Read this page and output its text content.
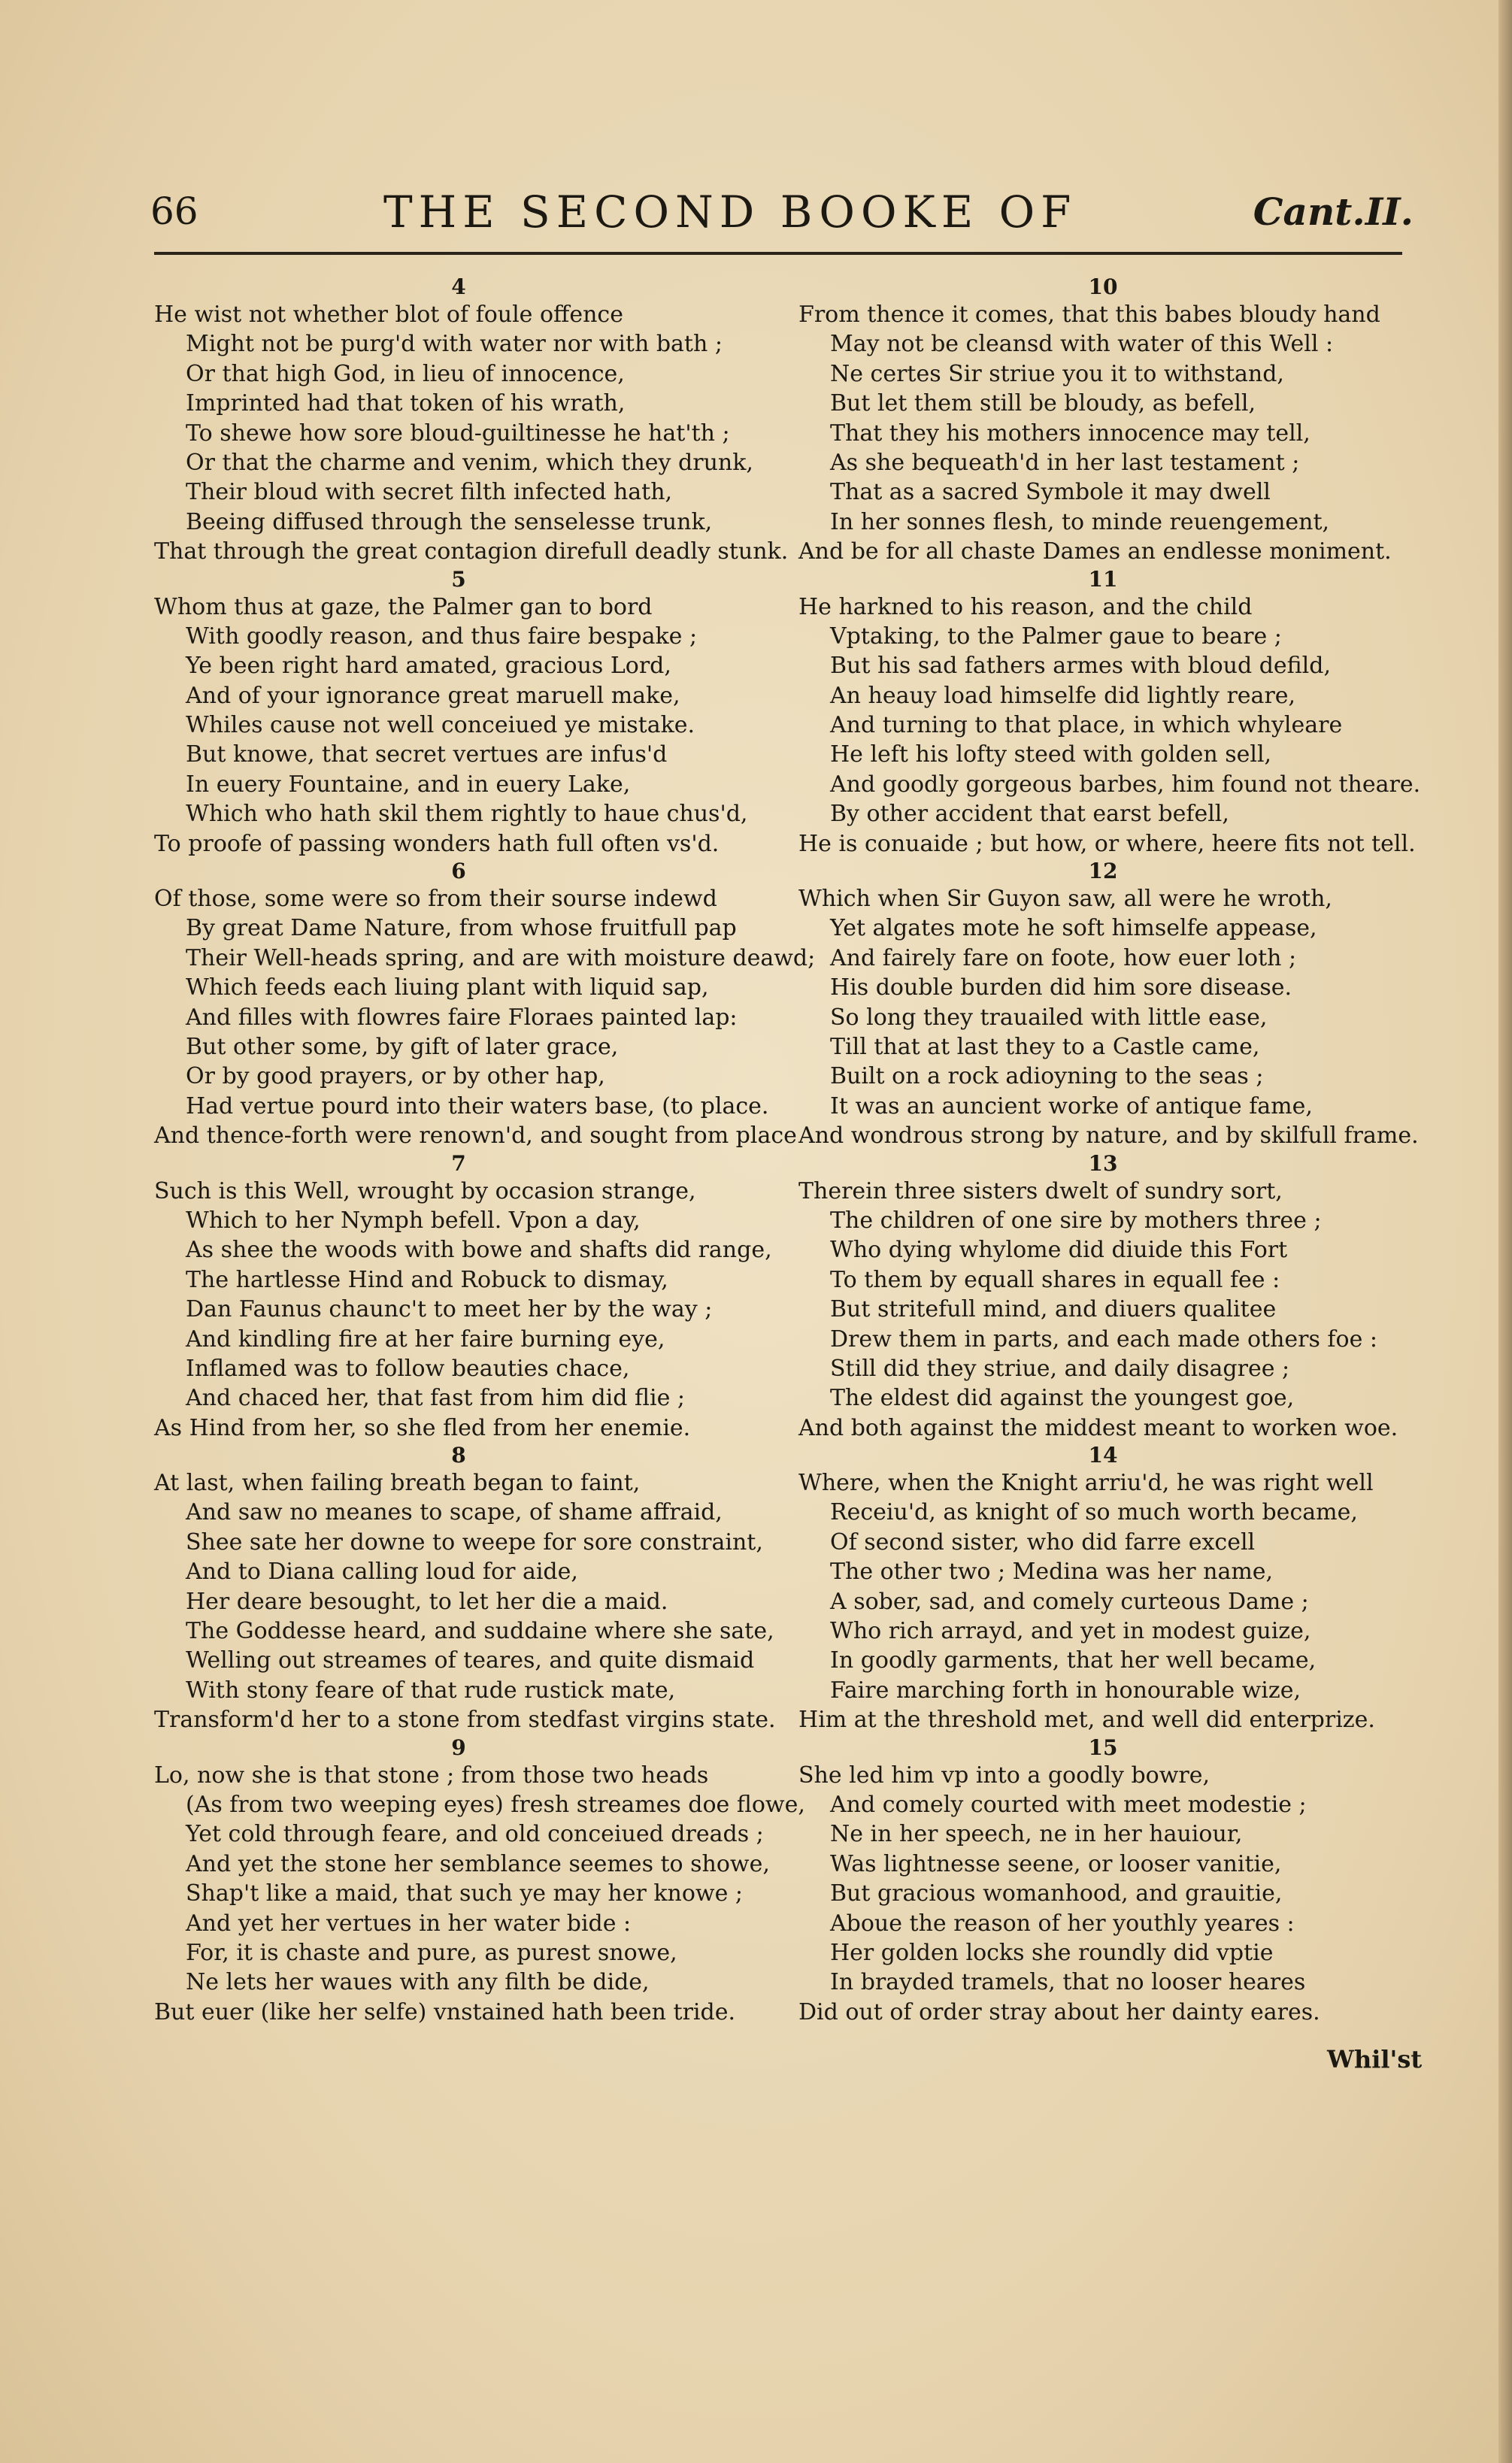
66	THE SECOND BOOKE OF	Cant.II.
4
He wist not whether blot of foule offence
Might not be purg'd with water nor with bath ;
Or that high God, in lieu of innocence,
Imprinted had that token of his wrath,
To shewe how sore bloud-guiltinesse he hat'th ;
Or that the charme and venim, which they drunk,
Their bloud with secret filth infected hath,
Beeing diffused through the senselesse trunk,
That through the great contagion direfull deadly stunk.
5
Whom thus at gaze, the Palmer gan to bord
With goodly reason, and thus faire bespake ;
Ye been right hard amated, gracious Lord,
And of your ignorance great maruell make,
Whiles cause not well conceiued ye mistake.
But knowe, that secret vertues are infus'd
In euery Fountaine, and in euery Lake,
Which who hath skil them rightly to haue chus'd,
To proofe of passing wonders hath full often vs'd.
6
Of those, some were so from their sourse indewd
By great Dame Nature, from whose fruitfull pap
Their Well-heads spring, and are with moisture deawd;
Which feeds each liuing plant with liquid sap,
And filles with flowres faire Floraes painted lap:
But other some, by gift of later grace,
Or by good prayers, or by other hap,
Had vertue pourd into their waters base, (to place.
And thence-forth were renown'd, and sought from place
7
Such is this Well, wrought by occasion strange,
Which to her Nymph befell. Vpon a day,
As shee the woods with bowe and shafts did range,
The hartlesse Hind and Robuck to dismay,
Dan Faunus chaunc't to meet her by the way ;
And kindling fire at her faire burning eye,
Inflamed was to follow beauties chace,
And chaced her, that fast from him did flie ;
As Hind from her, so she fled from her enemie.
8
At last, when failing breath began to faint,
And saw no meanes to scape, of shame affraid,
Shee sate her downe to weepe for sore constraint,
And to Diana calling loud for aide,
Her deare besought, to let her die a maid.
The Goddesse heard, and suddaine where she sate,
Welling out streames of teares, and quite dismaid
With stony feare of that rude rustick mate,
Transform'd her to a stone from stedfast virgins state.
9
Lo, now she is that stone ; from those two heads
(As from two weeping eyes) fresh streames doe flowe,
Yet cold through feare, and old conceiued dreads ;
And yet the stone her semblance seemes to showe,
Shap't like a maid, that such ye may her knowe ;
And yet her vertues in her water bide :
For, it is chaste and pure, as purest snowe,
Ne lets her waues with any filth be dide,
But euer (like her selfe) vnstained hath been tride.
10
From thence it comes, that this babes bloudy hand
May not be cleansd with water of this Well :
Ne certes Sir striue you it to withstand,
But let them still be bloudy, as befell,
That they his mothers innocence may tell,
As she bequeath'd in her last testament ;
That as a sacred Symbole it may dwell
In her sonnes flesh, to minde reuengement,
And be for all chaste Dames an endlesse moniment.
11
He harkned to his reason, and the child
Vptaking, to the Palmer gaue to beare ;
But his sad fathers armes with bloud defild,
An heauy load himselfe did lightly reare,
And turning to that place, in which whyleare
He left his lofty steed with golden sell,
And goodly gorgeous barbes, him found not theare.
By other accident that earst befell,
He is conuaide ; but how, or where, heere fits not tell.
12
Which when Sir Guyon saw, all were he wroth,
Yet algates mote he soft himselfe appease,
And fairely fare on foote, how euer loth ;
His double burden did him sore disease.
So long they trauailed with little ease,
Till that at last they to a Castle came,
Built on a rock adioyning to the seas ;
It was an auncient worke of antique fame,
And wondrous strong by nature, and by skilfull frame.
13
Therein three sisters dwelt of sundry sort,
The children of one sire by mothers three ;
Who dying whylome did diuide this Fort
To them by equall shares in equall fee :
But stritefull mind, and diuers qualitee
Drew them in parts, and each made others foe :
Still did they striue, and daily disagree ;
The eldest did against the youngest goe,
And both against the middest meant to worken woe.
14
Where, when the Knight arriu'd, he was right well
Receiu'd, as knight of so much worth became,
Of second sister, who did farre excell
The other two ; Medina was her name,
A sober, sad, and comely curteous Dame ;
Who rich arrayd, and yet in modest guize,
In goodly garments, that her well became,
Faire marching forth in honourable wize,
Him at the threshold met, and well did enterprize.
15
She led him vp into a goodly bowre,
And comely courted with meet modestie ;
Ne in her speech, ne in her hauiour,
Was lightnesse seene, or looser vanitie,
But gracious womanhood, and grauitie,
Aboue the reason of her youthly yeares :
Her golden locks she roundly did vptie
In brayded tramels, that no looser heares
Did out of order stray about her dainty eares.
Whil'st
